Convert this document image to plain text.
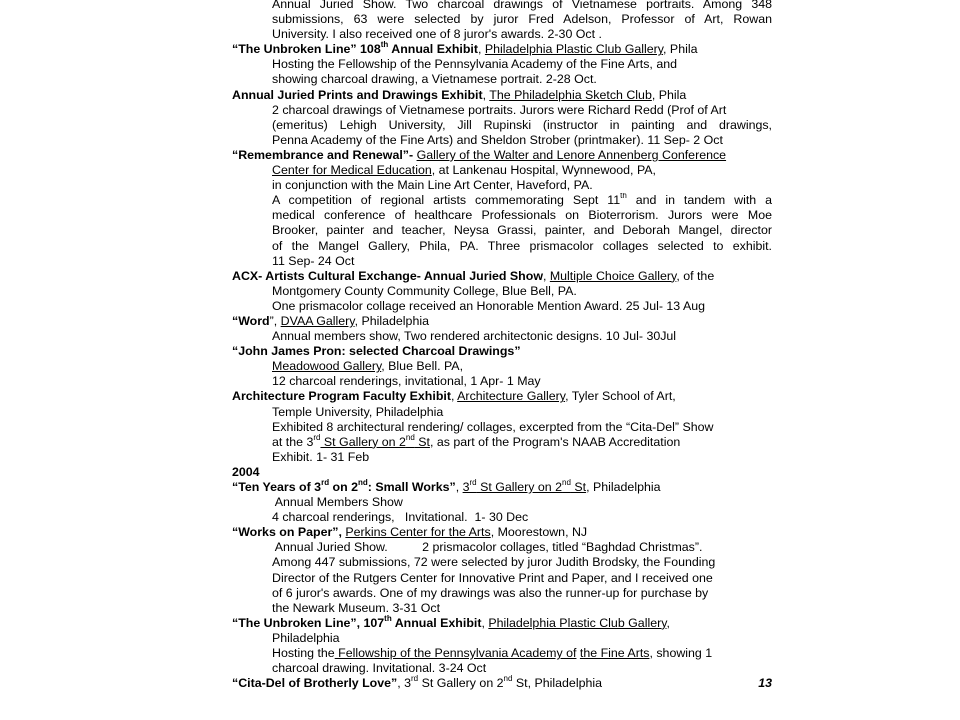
Annual Juried Show. Two charcoal drawings of Vietnamese portraits. Among 348
submissions, 63 were selected by juror Fred Adelson, Professor of Art, Rowan
University. I also received one of 8 juror's awards. 2-30 Oct .
“The Unbroken Line” 108th Annual Exhibit, Philadelphia Plastic Club Gallery, Phila
Hosting the Fellowship of the Pennsylvania Academy of the Fine Arts, and
showing charcoal drawing, a Vietnamese portrait. 2-28 Oct.
Annual Juried Prints and Drawings Exhibit, The Philadelphia Sketch Club, Phila
2 charcoal drawings of Vietnamese portraits. Jurors were Richard Redd (Prof of Art
(emeritus) Lehigh University, Jill Rupinski (instructor in painting and drawings,
Penna Academy of the Fine Arts) and Sheldon Strober (printmaker). 11 Sep- 2 Oct
“Remembrance and Renewal”- Gallery of the Walter and Lenore Annenberg Conference
Center for Medical Education, at Lankenau Hospital, Wynnewood, PA,
in conjunction with the Main Line Art Center, Haveford, PA.
A competition of regional artists commemorating Sept 11th and in tandem with a
medical conference of healthcare Professionals on Bioterrorism. Jurors were Moe
Brooker, painter and teacher, Neysa Grassi, painter, and Deborah Mangel, director
of the Mangel Gallery, Phila, PA. Three prismacolor collages selected to exhibit.
11 Sep- 24 Oct
ACX- Artists Cultural Exchange- Annual Juried Show, Multiple Choice Gallery, of the
Montgomery County Community College, Blue Bell, PA.
One prismacolor collage received an Honorable Mention Award. 25 Jul- 13 Aug
“Word”, DVAA Gallery, Philadelphia
Annual members show, Two rendered architectonic designs. 10 Jul- 30Jul
“John James Pron: selected Charcoal Drawings”
Meadowood Gallery, Blue Bell. PA,
12 charcoal renderings, invitational, 1 Apr- 1 May
Architecture Program Faculty Exhibit, Architecture Gallery, Tyler School of Art,
Temple University, Philadelphia
Exhibited 8 architectural rendering/ collages, excerpted from the “Cita-Del” Show
at the 3rd St Gallery on 2nd St, as part of the Program's NAAB Accreditation
Exhibit. 1- 31 Feb
2004
“Ten Years of 3rd on 2nd: Small Works”, 3rd St Gallery on 2nd St, Philadelphia
Annual Members Show
4 charcoal renderings,   Invitational.  1- 30 Dec
“Works on Paper”, Perkins Center for the Arts, Moorestown, NJ
Annual Juried Show.          2 prismacolor collages, titled “Baghdad Christmas”.
Among 447 submissions, 72 were selected by juror Judith Brodsky, the Founding
Director of the Rutgers Center for Innovative Print and Paper, and I received one
of 6 juror's awards. One of my drawings was also the runner-up for purchase by
the Newark Museum. 3-31 Oct
“The Unbroken Line”, 107th Annual Exhibit, Philadelphia Plastic Club Gallery,
Philadelphia
Hosting the Fellowship of the Pennsylvania Academy of the Fine Arts, showing 1
charcoal drawing. Invitational. 3-24 Oct
“Cita-Del of Brotherly Love”, 3rd St Gallery on 2nd St, Philadelphia	13
